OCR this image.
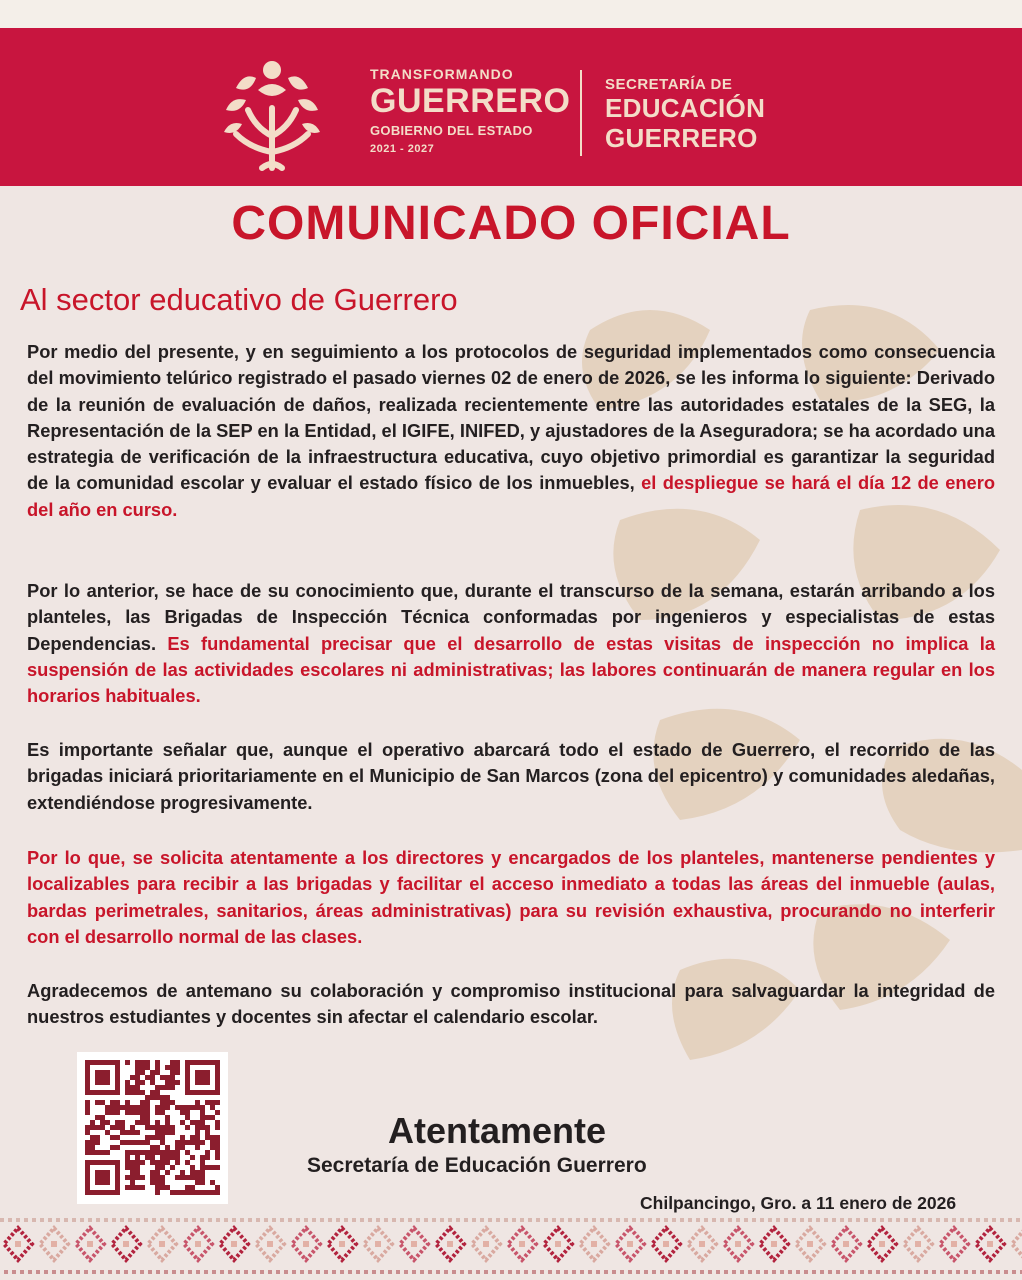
TRANSFORMANDO
GUERRERO
GOBIERNO DEL ESTADO
2021 - 2027
SECRETARÍA DE
EDUCACIÓN
GUERRERO
COMUNICADO OFICIAL
Al sector educativo de Guerrero
Por medio del presente, y en seguimiento a los protocolos de seguridad implementados como consecuencia del movimiento telúrico registrado el pasado viernes 02 de enero de 2026, se les informa lo siguiente: Derivado de la reunión de evaluación de daños, realizada recientemente entre las autoridades estatales de la SEG, la Representación de la SEP en la Entidad, el IGIFE, INIFED, y ajustadores de la Aseguradora; se ha acordado una estrategia de verificación de la infraestructura educativa, cuyo objetivo primordial es garantizar la seguridad de la comunidad escolar y evaluar el estado físico de los inmuebles, el despliegue se hará el día 12 de enero del año en curso.
Por lo anterior, se hace de su conocimiento que, durante el transcurso de la semana, estarán arribando a los planteles, las Brigadas de Inspección Técnica conformadas por ingenieros y especialistas de estas Dependencias. Es fundamental precisar que el desarrollo de estas visitas de inspección no implica la suspensión de las actividades escolares ni administrativas; las labores continuarán de manera regular en los horarios habituales.
Es importante señalar que, aunque el operativo abarcará todo el estado de Guerrero, el recorrido de las brigadas iniciará prioritariamente en el Municipio de San Marcos (zona del epicentro) y comunidades aledañas, extendiéndose progresivamente.
Por lo que, se solicita atentamente a los directores y encargados de los planteles, mantenerse pendientes y localizables para recibir a las brigadas y facilitar el acceso inmediato a todas las áreas del inmueble (aulas, bardas perimetrales, sanitarios, áreas administrativas) para su revisión exhaustiva, procurando no interferir con el desarrollo normal de las clases.
Agradecemos de antemano su colaboración y compromiso institucional para salvaguardar la integridad de nuestros estudiantes y docentes sin afectar el calendario escolar.
Atentamente
Secretaría de Educación Guerrero
Chilpancingo, Gro. a 11 enero de 2026
